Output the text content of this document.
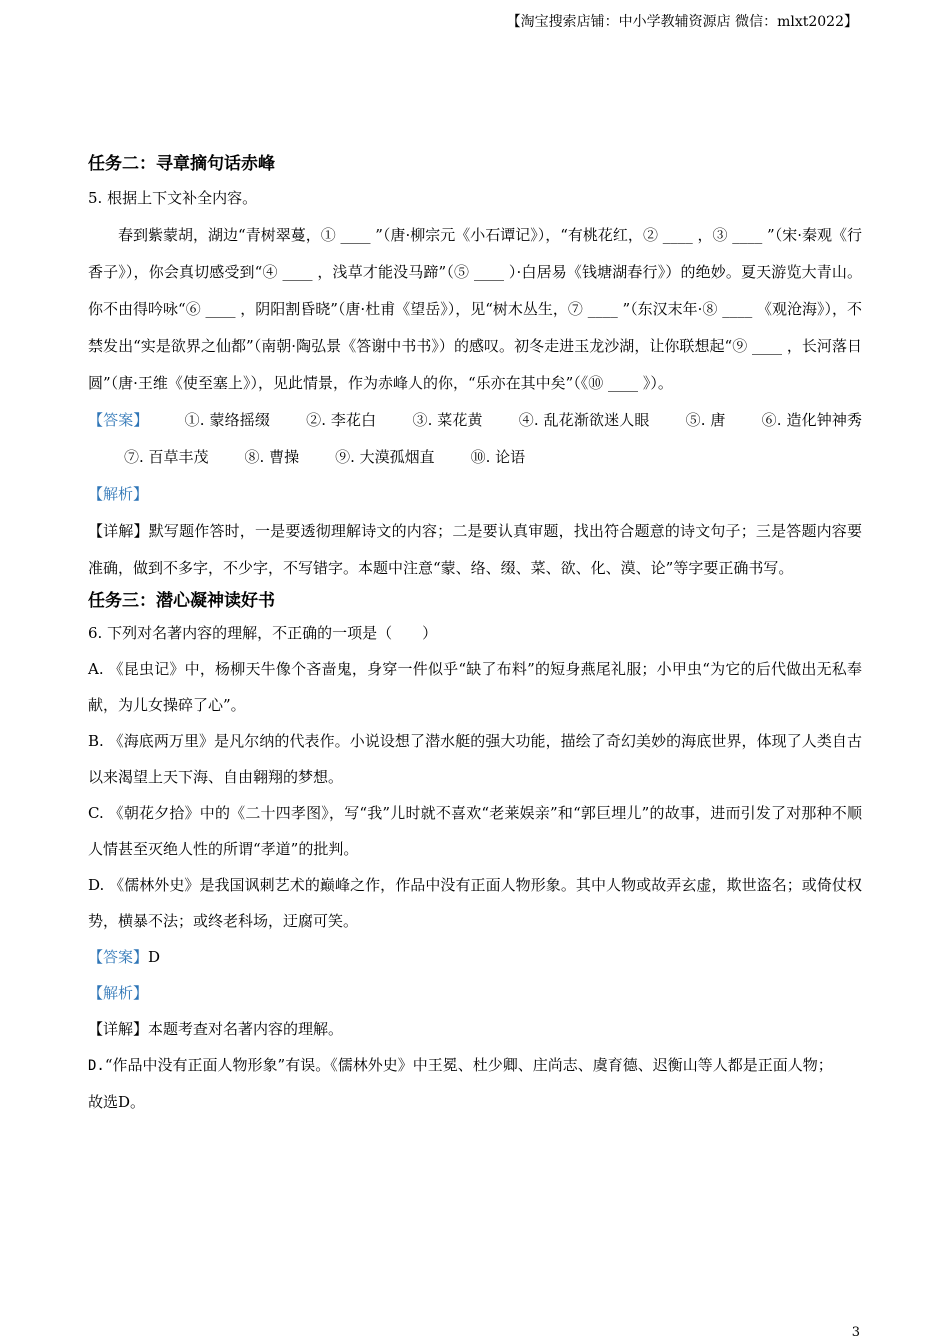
【淘宝搜索店铺：中小学教辅资源店 微信：mlxt2022】

任务二：寻章摘句话赤峰

5. 根据上下文补全内容。

春到紫蒙胡，湖边“青树翠蔓，① ____ ”（唐·柳宗元《小石谭记》），“有桃花红，② ____ ，③ ____ ”（宋·秦观《行香子》），你会真切感受到“④ ____ ，浅草才能没马蹄”（⑤ ____ ）·白居易《钱塘湖春行》）的绝妙。夏天游览大青山。你不由得吟咏“⑥ ____ ，阴阳割昏晓”（唐·杜甫《望岳》），见“树木丛生，⑦ ____ ”（东汉末年·⑧ ____ 《观沧海》），不禁发出“实是欲界之仙都”（南朝·陶弘景《答谢中书书》）的感叹。初冬走进玉龙沙湖，让你联想起“⑨ ____ ，长河落日圆”（唐·王维《使至塞上》），见此情景，作为赤峰人的你，“乐亦在其中矣”（《⑩ ____ 》）。

【答案】 ①. 蒙络摇缀 ②. 李花白 ③. 菜花黄 ④. 乱花渐欲迷人眼 ⑤. 唐 ⑥. 造化钟神秀⑦. 百草丰茂 ⑧. 曹操 ⑨. 大漠孤烟直 ⑩. 论语

【解析】

【详解】默写题作答时，一是要透彻理解诗文的内容；二是要认真审题，找出符合题意的诗文句子；三是答题内容要准确，做到不多字，不少字，不写错字。本题中注意“蒙、络、缀、菜、欲、化、漠、论”等字要正确书写。

任务三：潜心凝神读好书

6. 下列对名著内容的理解，不正确的一项是（　　）

A. 《昆虫记》中，杨柳天牛像个吝啬鬼，身穿一件似乎“缺了布料”的短身燕尾礼服；小甲虫“为它的后代做出无私奉献，为儿女操碎了心”。

B. 《海底两万里》是凡尔纳的代表作。小说设想了潜水艇的强大功能，描绘了奇幻美妙的海底世界，体现了人类自古以来渴望上天下海、自由翱翔的梦想。

C. 《朝花夕拾》中的《二十四孝图》，写“我”儿时就不喜欢“老莱娱亲”和“郭巨埋儿”的故事，进而引发了对那种不顺人情甚至灭绝人性的所谓“孝道”的批判。

D. 《儒林外史》是我国讽刺艺术的巅峰之作，作品中没有正面人物形象。其中人物或故弄玄虚，欺世盗名；或倚仗权势，横暴不法；或终老科场，迂腐可笑。

【答案】D

【解析】

【详解】本题考查对名著内容的理解。

D.“作品中没有正面人物形象”有误。《儒林外史》中王冕、杜少卿、庄尚志、虞育德、迟衡山等人都是正面人物；

故选D。

3
